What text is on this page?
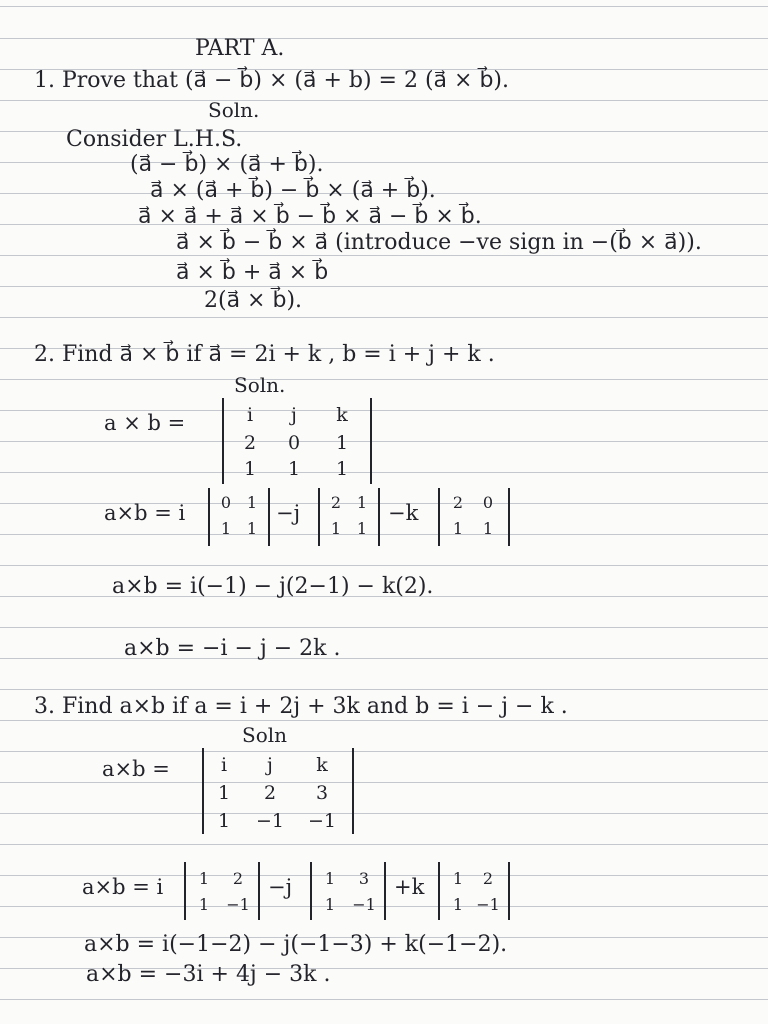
PART A.
1. Prove that (a⃗ − b⃗) × (a⃗ + b) = 2 (a⃗ × b⃗).
Soln.
Consider L.H.S.
(a⃗ − b⃗) × (a⃗ + b⃗).
a⃗ × (a⃗ + b⃗) − b⃗ × (a⃗ + b⃗).
a⃗ × a⃗ + a⃗ × b⃗ − b⃗ × a⃗ − b⃗ × b⃗.
a⃗ × b⃗ − b⃗ × a⃗ (introduce −ve sign in −(b⃗ × a⃗)).
a⃗ × b⃗ + a⃗ × b⃗
2(a⃗ × b⃗).
2. Find a⃗ × b⃗ if a⃗ = 2i + k , b = i + j + k .
Soln.
a × b =	i	j	k
2	0	1
1	1	1
a×b = i	0 1
1 1
−j	2 1
1 1
−k	2	0
1	1
a×b = i(−1) − j(2−1) − k(2).
a×b = −i − j − 2k .
3. Find a×b if a = i + 2j + 3k and b = i − j − k .
Soln
a×b =	i	j	k
1	2	3
1	−1	−1
a×b = i	1	2
1	−1
−j	1	3
1	−1
+k	1	2
1 −1
a×b = i(−1−2) − j(−1−3) + k(−1−2).
a×b = −3i + 4j − 3k .
